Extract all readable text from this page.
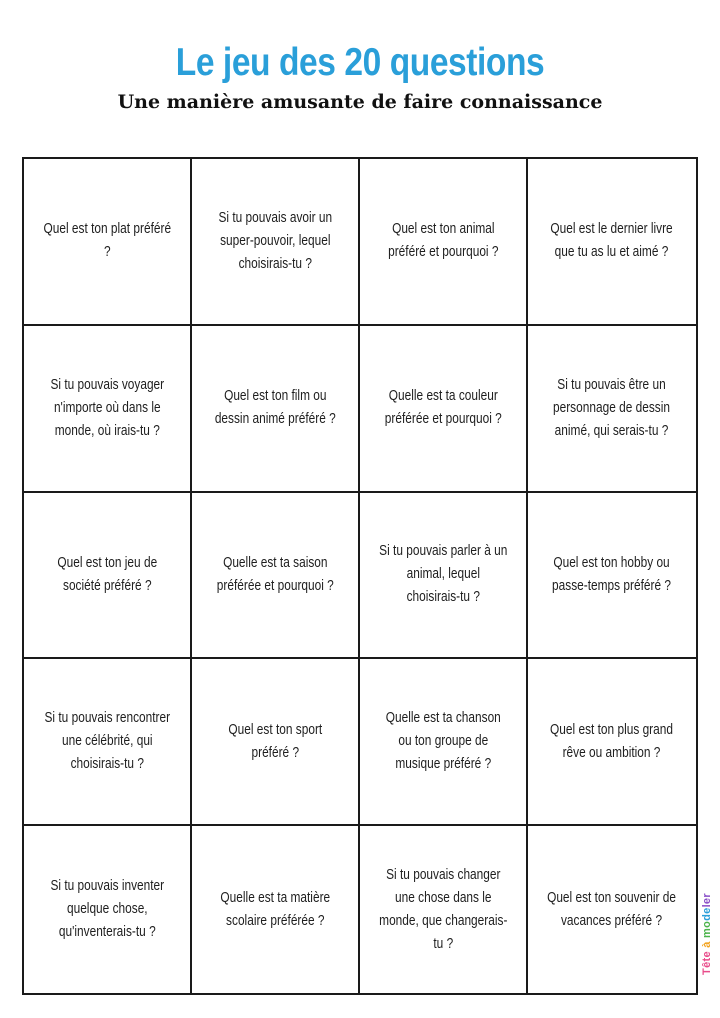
Le jeu des 20 questions
Une manière amusante de faire connaissance
Quel est ton plat préféré ?
Si tu pouvais avoir un super-pouvoir, lequel choisirais-tu ?
Quel est ton animal préféré et pourquoi ?
Quel est le dernier livre que tu as lu et aimé ?
Si tu pouvais voyager n'importe où dans le monde, où irais-tu ?
Quel est ton film ou dessin animé préféré ?
Quelle est ta couleur préférée et pourquoi ?
Si tu pouvais être un personnage de dessin animé, qui serais-tu ?
Quel est ton jeu de société préféré ?
Quelle est ta saison préférée et pourquoi ?
Si tu pouvais parler à un animal, lequel choisirais-tu ?
Quel est ton hobby ou passe-temps préféré ?
Si tu pouvais rencontrer une célébrité, qui choisirais-tu ?
Quel est ton sport préféré ?
Quelle est ta chanson ou ton groupe de musique préféré ?
Quel est ton plus grand rêve ou ambition ?
Si tu pouvais inventer quelque chose, qu'inventerais-tu ?
Quelle est ta matière scolaire préférée ?
Si tu pouvais changer une chose dans le monde, que changerais-tu ?
Quel est ton souvenir de vacances préféré ?
Tête à modeler
